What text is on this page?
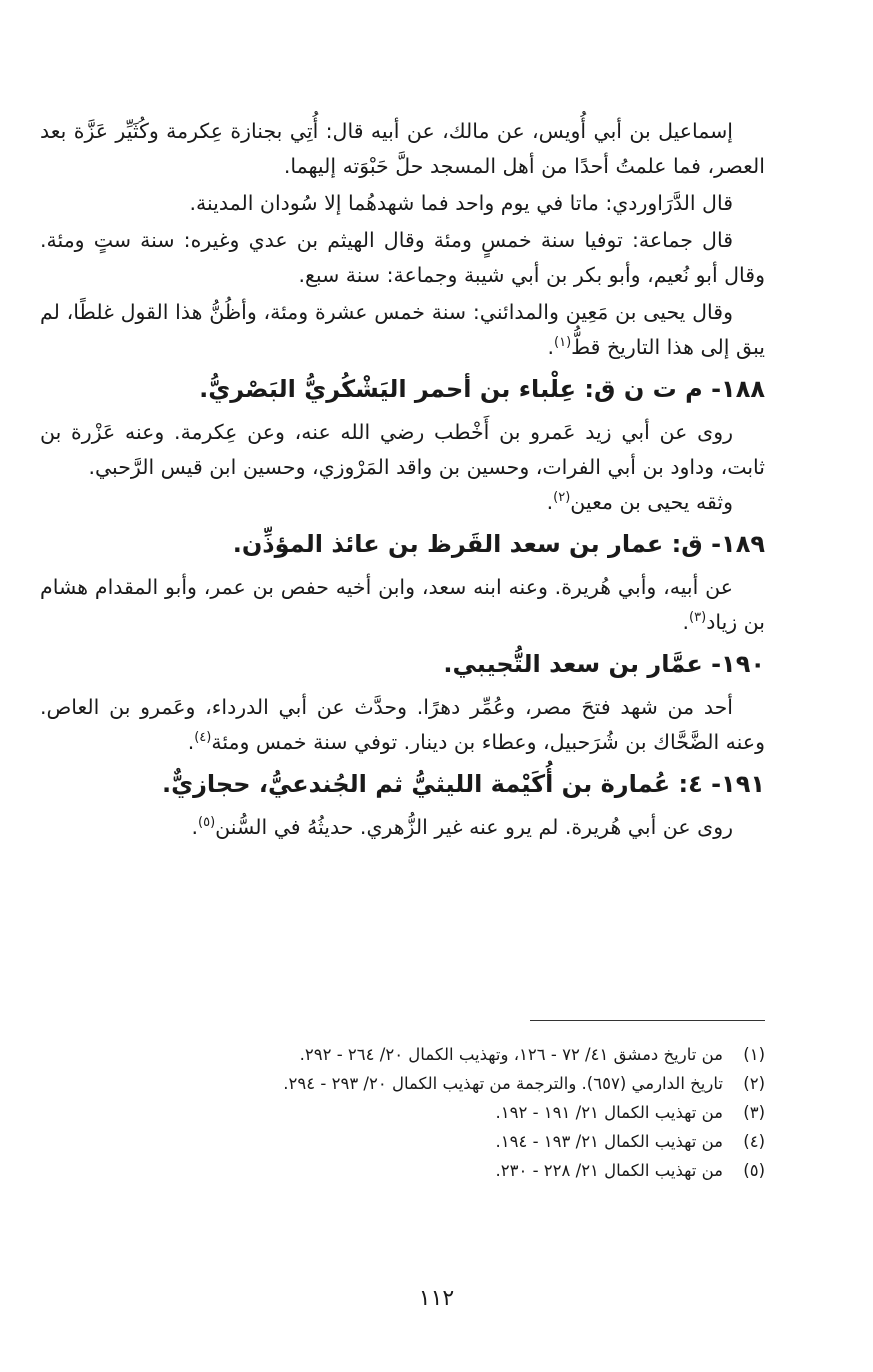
إسماعيل بن أبي أُويس، عن مالك، عن أبيه قال: أُتِي بجنازة عِكرمة وكُثَيِّر عَزَّة بعد العصر، فما علمتُ أحدًا من أهل المسجد حلَّ حَبْوَته إليهما.

قال الدَّرَاوردي: ماتا في يوم واحد فما شهدهُما إلا سُودان المدينة.

قال جماعة: توفيا سنة خمسٍ ومئة وقال الهيثم بن عدي وغيره: سنة ستٍ ومئة. وقال أبو نُعيم، وأبو بكر بن أبي شيبة وجماعة: سنة سبع.

وقال يحيى بن مَعِين والمدائني: سنة خمس عشرة ومئة، وأظُنُّ هذا القول غلطًا، لم يبق إلى هذا التاريخ قطُّ$^{(١)}$.

١٨٨- م ت ن ق: عِلْباء بن أحمر اليَشْكُريُّ البَصْريُّ.

روى عن أبي زيد عَمرو بن أَخْطب رضي الله عنه، وعن عِكرمة. وعنه عَزْرة بن ثابت، وداود بن أبي الفرات، وحسين بن واقد المَرْوزي، وحسين ابن قيس الرَّحبي.

وثقه يحيى بن معين$^{(٢)}$.

١٨٩- ق: عمار بن سعد القَرظ بن عائذ المؤذِّن.

عن أبيه، وأبي هُريرة. وعنه ابنه سعد، وابن أخيه حفص بن عمر، وأبو المقدام هشام بن زياد$^{(٣)}$.

١٩٠- عمَّار بن سعد التُّجيبي.

أحد من شهد فتحَ مصر، وعُمِّر دهرًا. وحدَّث عن أبي الدرداء، وعَمرو بن العاص. وعنه الضَّحَّاك بن شُرَحبيل، وعطاء بن دينار. توفي سنة خمس ومئة$^{(٤)}$.

١٩١- ٤: عُمارة بن أُكَيْمة الليثيُّ ثم الجُندعيُّ، حجازيٌّ.

روى عن أبي هُريرة. لم يرو عنه غير الزُّهري. حديثُهُ في السُّنن$^{(٥)}$.

(١)
من تاريخ دمشق ٤١/ ٧٢ - ١٢٦، وتهذيب الكمال ٢٠/ ٢٦٤ - ٢٩٢.
(٢)
تاريخ الدارمي (٦٥٧). والترجمة من تهذيب الكمال ٢٠/ ٢٩٣ - ٢٩٤.
(٣)
من تهذيب الكمال ٢١/ ١٩١ - ١٩٢.
(٤)
من تهذيب الكمال ٢١/ ١٩٣ - ١٩٤.
(٥)
من تهذيب الكمال ٢١/ ٢٢٨ - ٢٣٠.
١١٢
